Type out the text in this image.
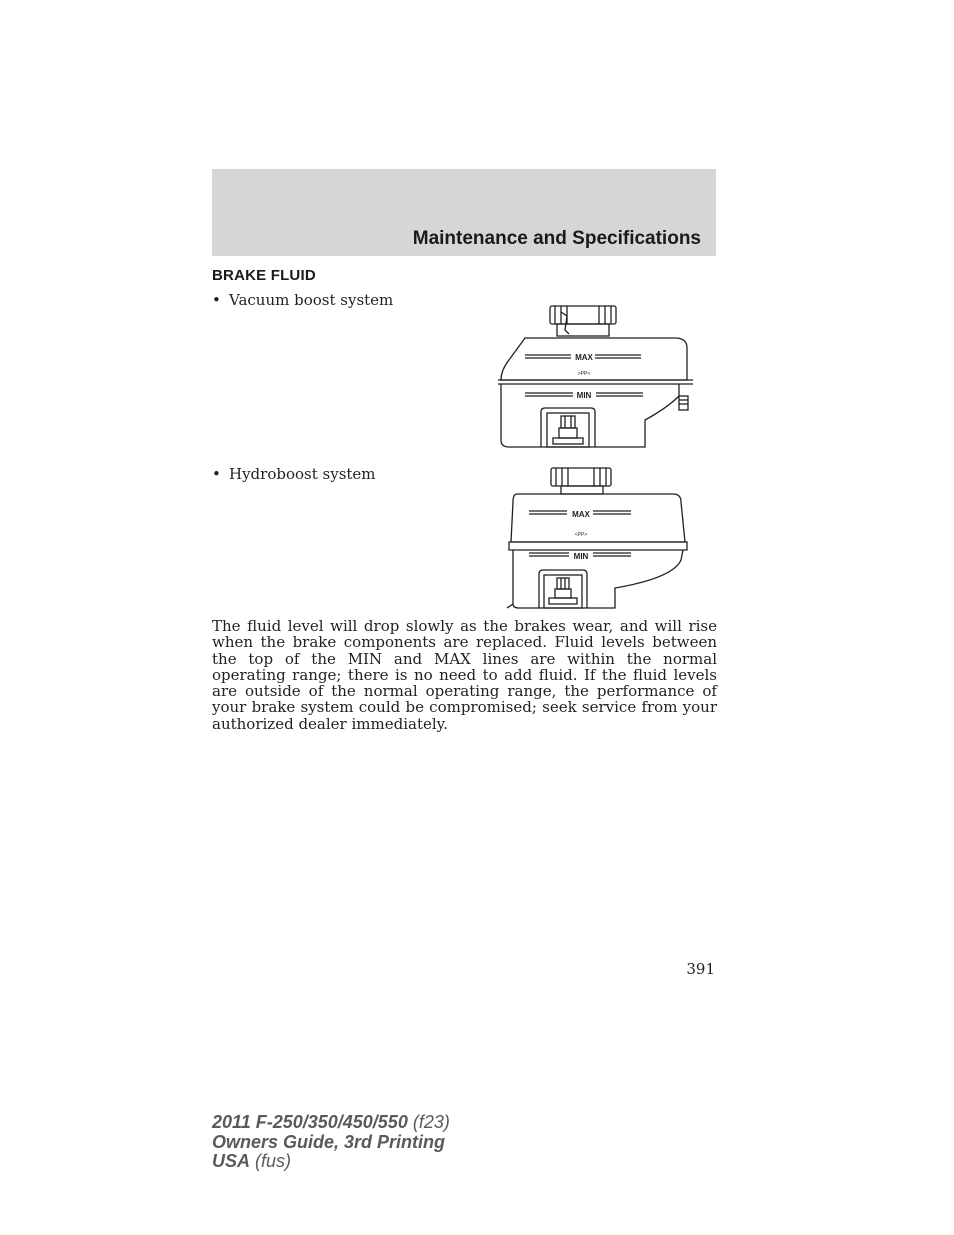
Maintenance and Specifications
BRAKE FLUID
• Vacuum boost system
MAX
>PP<
MIN
• Hydroboost system
MAX
<PP>
MIN
The fluid level will drop slowly as the brakes wear, and will rise when the brake components are replaced. Fluid levels between the top of the MIN and MAX lines are within the normal operating range; there is no need to add fluid. If the fluid levels are outside of the normal operating range, the performance of your brake system could be compromised; seek service from your authorized dealer immediately.
391
2011 F-250/350/450/550 (f23)
Owners Guide, 3rd Printing
USA (fus)
